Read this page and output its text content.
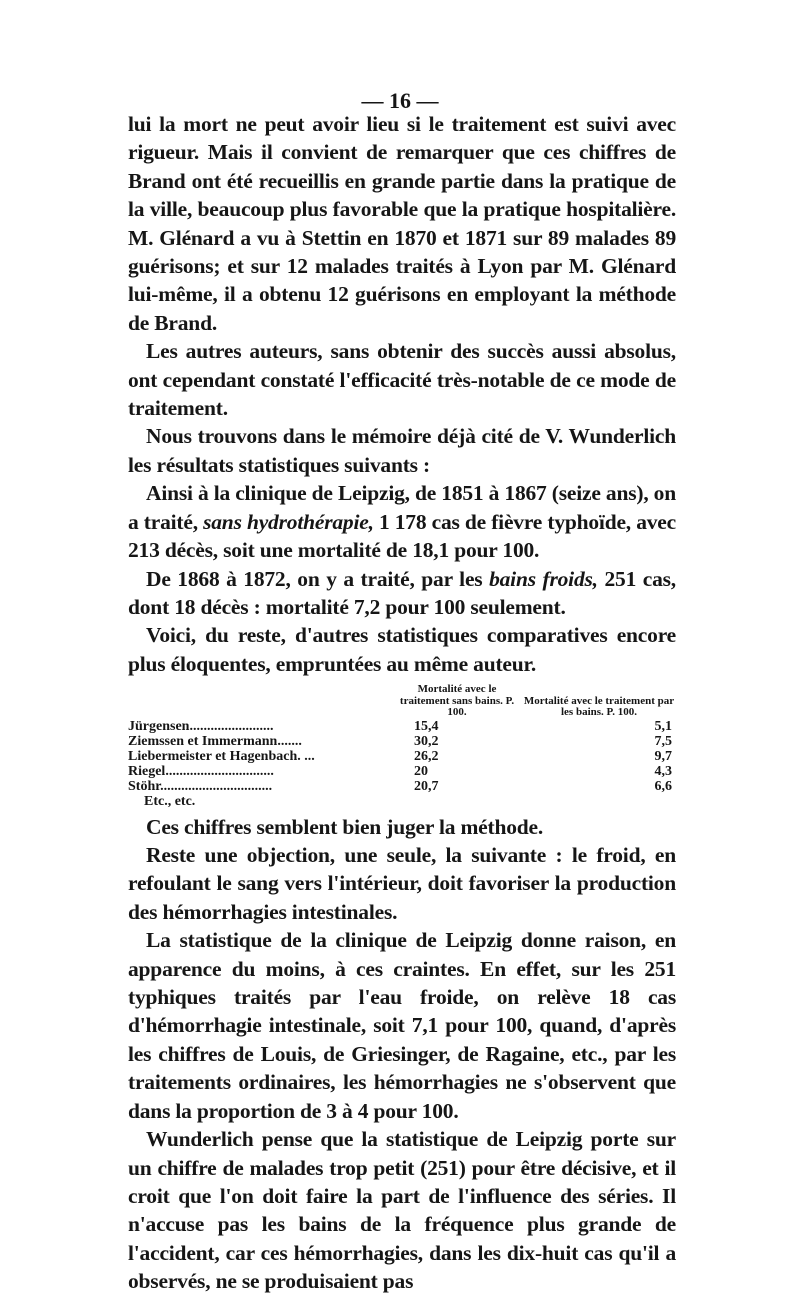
— 16 —

lui la mort ne peut avoir lieu si le traitement est suivi avec rigueur. Mais il convient de remarquer que ces chiffres de Brand ont été recueillis en grande partie dans la pratique de la ville, beaucoup plus favorable que la pratique hospitalière. M. Glénard a vu à Stettin en 1870 et 1871 sur 89 malades 89 guérisons; et sur 12 malades traités à Lyon par M. Glénard lui-même, il a obtenu 12 guérisons en employant la méthode de Brand.

Les autres auteurs, sans obtenir des succès aussi absolus, ont cependant constaté l'efficacité très-notable de ce mode de traitement.

Nous trouvons dans le mémoire déjà cité de V. Wunderlich les résultats statistiques suivants :

Ainsi à la clinique de Leipzig, de 1851 à 1867 (seize ans), on a traité, sans hydrothérapie, 1 178 cas de fièvre typhoïde, avec 213 décès, soit une mortalité de 18,1 pour 100.

De 1868 à 1872, on y a traité, par les bains froids, 251 cas, dont 18 décès : mortalité 7,2 pour 100 seulement.

Voici, du reste, d'autres statistiques comparatives encore plus éloquentes, empruntées au même auteur.

Mortalité avec le traitement sans bains. P. 100.
Mortalité avec le traitement par les bains. P. 100.
Jürgensen........................	15,4	5,1
Ziemssen et Immermann.......	30,2	7,5
Liebermeister et Hagenbach. ...	26,2	9,7
Riegel...............................	20	4,3
Stöhr................................	20,7	6,6
Etc., etc.

Ces chiffres semblent bien juger la méthode.

Reste une objection, une seule, la suivante : le froid, en refoulant le sang vers l'intérieur, doit favoriser la production des hémorrhagies intestinales.

La statistique de la clinique de Leipzig donne raison, en apparence du moins, à ces craintes. En effet, sur les 251 typhiques traités par l'eau froide, on relève 18 cas d'hémorrhagie intestinale, soit 7,1 pour 100, quand, d'après les chiffres de Louis, de Griesinger, de Ragaine, etc., par les traitements ordinaires, les hémorrhagies ne s'observent que dans la proportion de 3 à 4 pour 100.

Wunderlich pense que la statistique de Leipzig porte sur un chiffre de malades trop petit (251) pour être décisive, et il croit que l'on doit faire la part de l'influence des séries. Il n'accuse pas les bains de la fréquence plus grande de l'accident, car ces hémorrhagies, dans les dix-huit cas qu'il a observés, ne se produisaient pas
